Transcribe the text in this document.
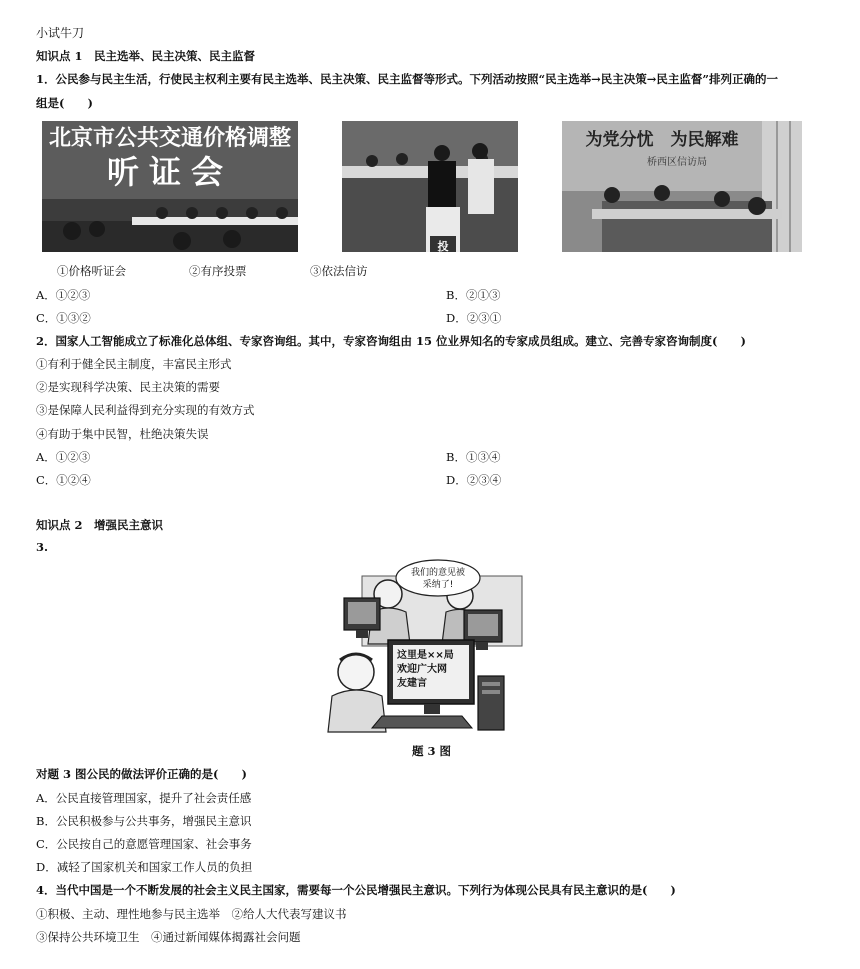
小试牛刀
知识点 1　民主选举、民主决策、民主监督
1．公民参与民主生活，行使民主权利主要有民主选举、民主决策、民主监督等形式。下列活动按照“民主选举→民主决策→民主监督”排列正确的一
组是(　　)
北京市公共交通价格调整
听证会
投
为党分忧　为民解难
桥西区信访局
①价格听证会	②有序投票	③依法信访
A．①②③	B．②①③
C．①③②	D．②③①
2．国家人工智能成立了标准化总体组、专家咨询组。其中，专家咨询组由 15 位业界知名的专家成员组成。建立、完善专家咨询制度(　　)
①有利于健全民主制度，丰富民主形式
②是实现科学决策、民主决策的需要
③是保障人民利益得到充分实现的有效方式
④有助于集中民智，杜绝决策失误
A．①②③	B．①③④
C．①②④	D．②③④
知识点 2　增强民主意识
3.
我们的意见被
采纳了!
这里是××局
欢迎广大网
友建言
题 3 图
对题 3 图公民的做法评价正确的是(　　)
A．公民直接管理国家，提升了社会责任感
B．公民积极参与公共事务，增强民主意识
C．公民按自己的意愿管理国家、社会事务
D．减轻了国家机关和国家工作人员的负担
4．当代中国是一个不断发展的社会主义民主国家，需要每一个公民增强民主意识。下列行为体现公民具有民主意识的是(　　)
①积极、主动、理性地参与民主选举　②给人大代表写建议书
③保持公共环境卫生　④通过新闻媒体揭露社会问题
